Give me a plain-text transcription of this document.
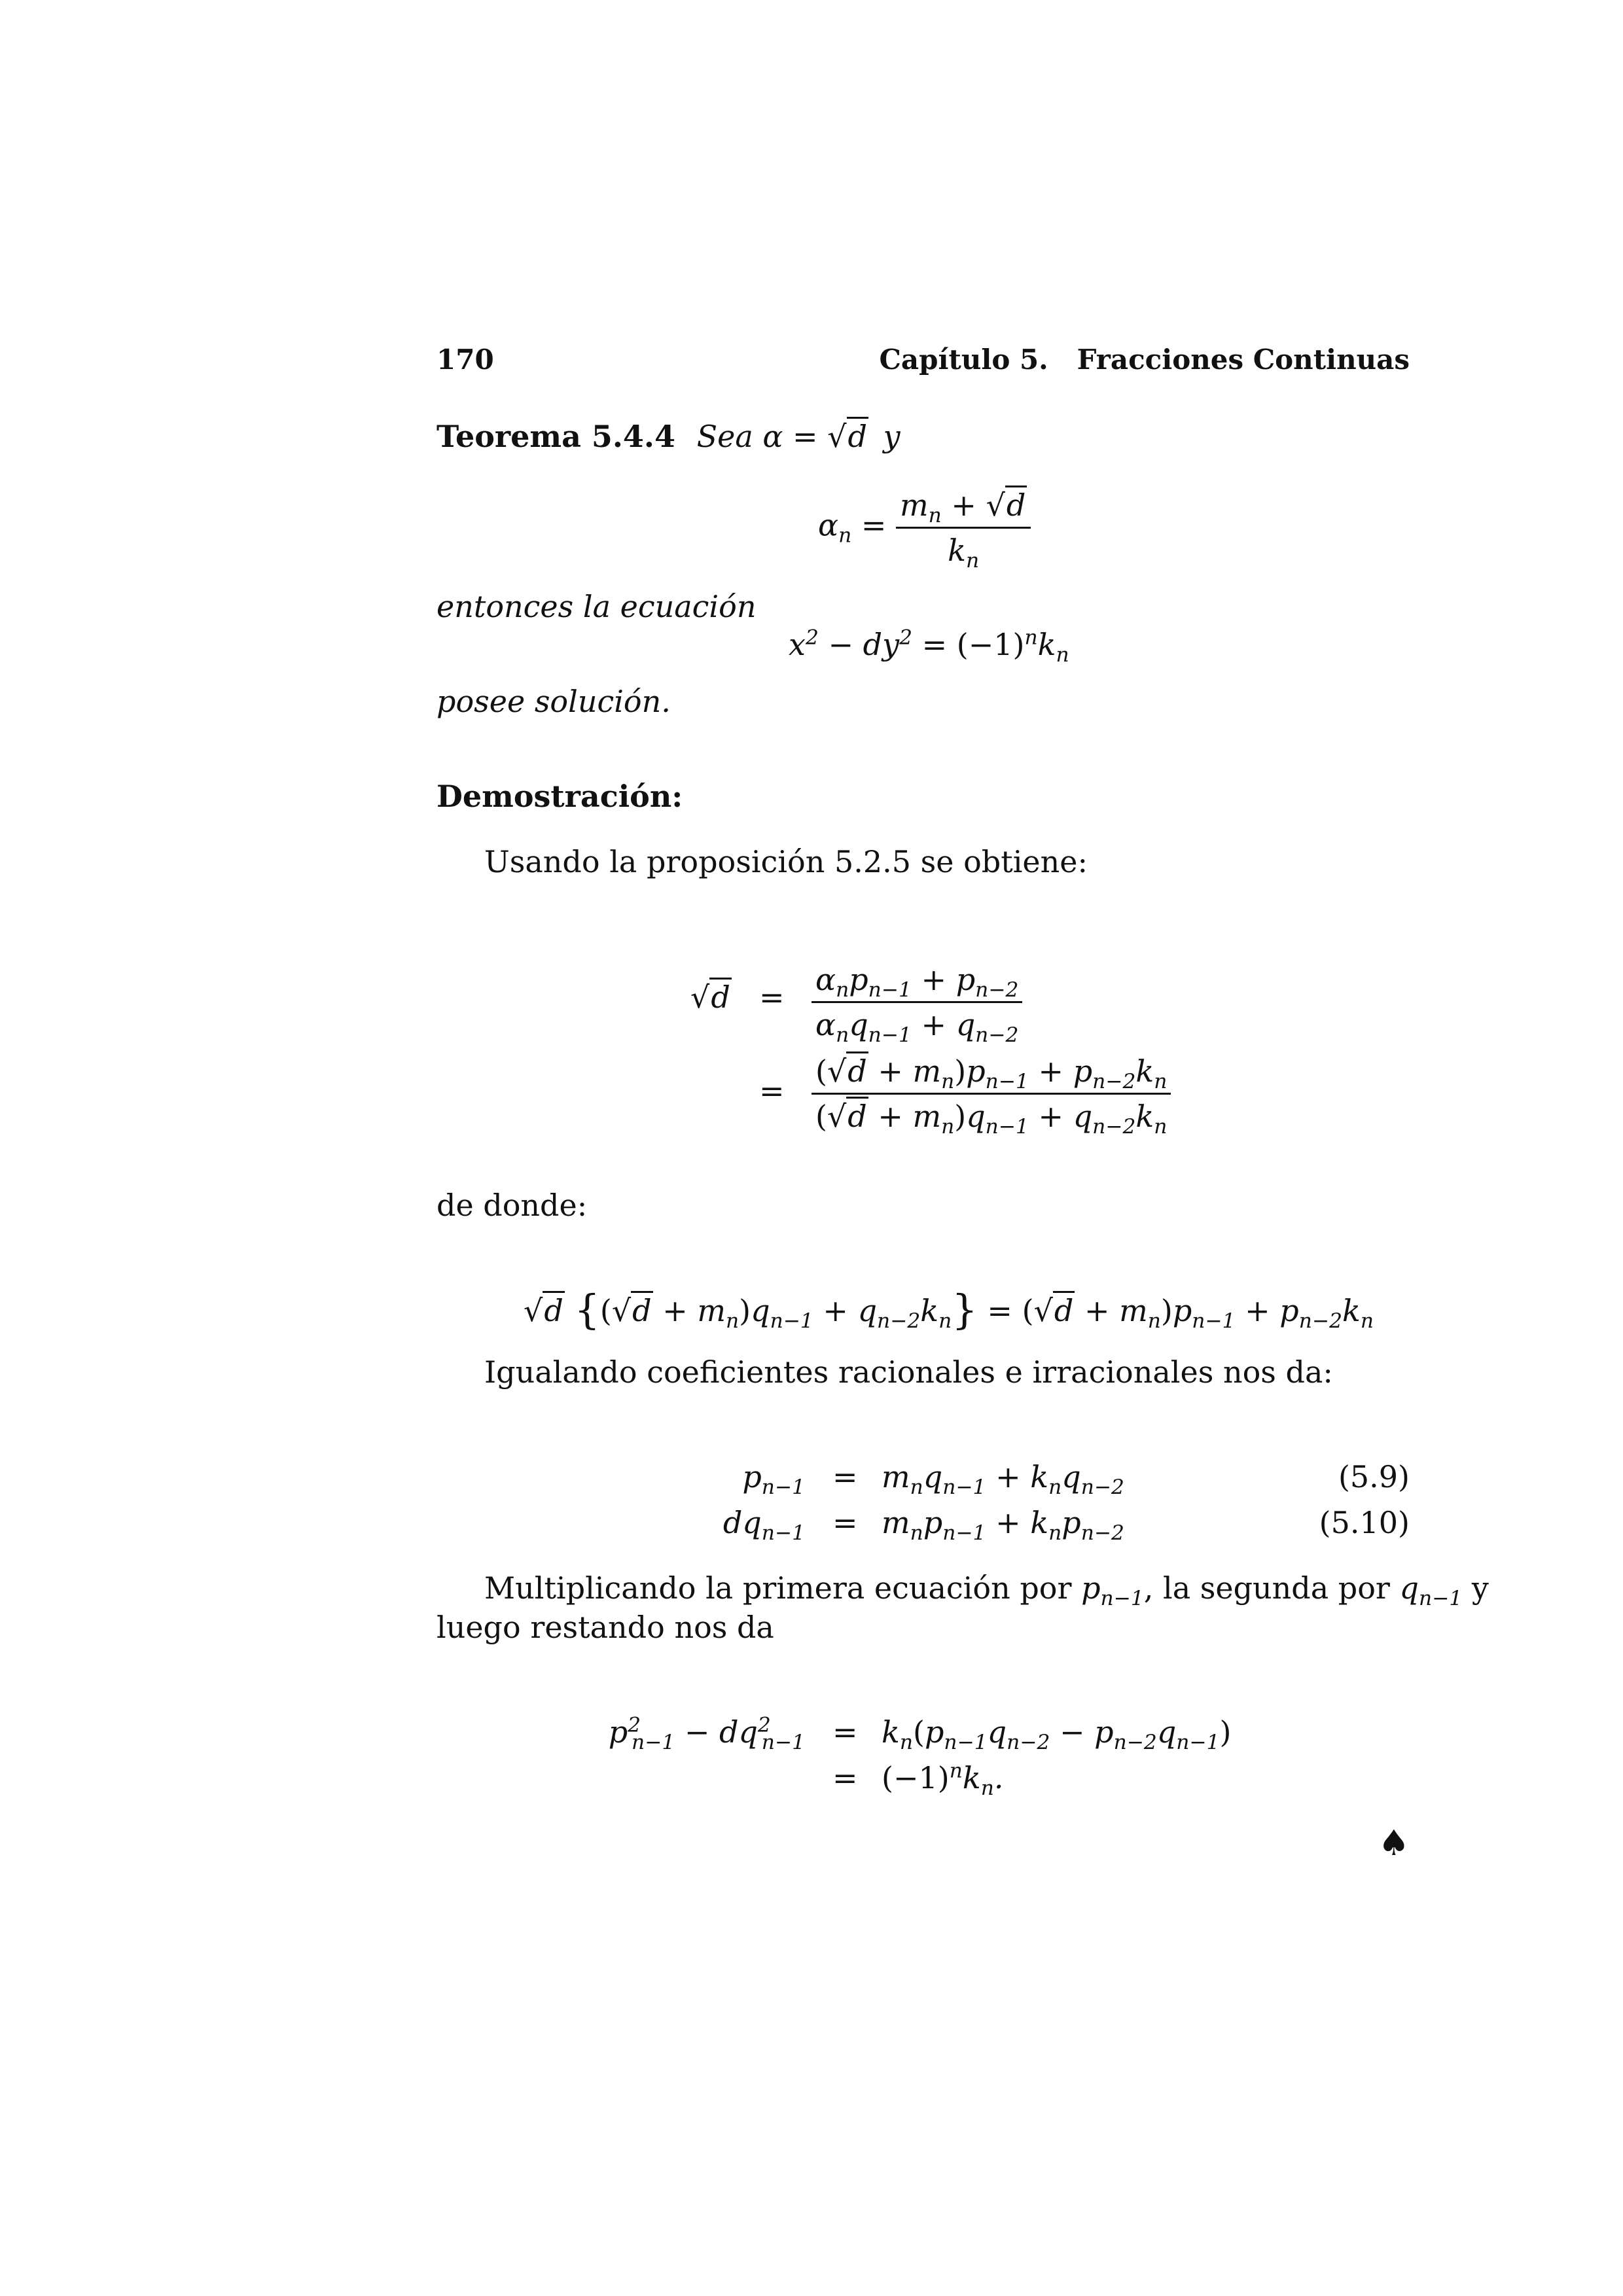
170	Capítulo 5.   Fracciones Continuas
Teorema 5.4.4 Sea α = √d y
$\alpha_n = \frac{m_n + √d}{k_n}$
entonces la ecuación
$x^2 - dy^2 = (-1)^nk_n$
posee solución.
Demostración:
Usando la proposición 5.2.5 se obtiene:
$√d = \frac{\alpha_np_{n-1} + p_{n-2}}{\alpha_nq_{n-1} + q_{n-2}}$
= $\frac{(√d + m_n)p_{n-1} + p_{n-2}k_n}{(√d + m_n)q_{n-1} + q_{n-2}k_n}$
de donde:
√d $\{(√d + m_n)q_{n-1} + q_{n-2}k_n\} = (√d + m_n)p_{n-1} + p_{n-2}k_n$
Igualando coeficientes racionales e irracionales nos da:
$p_{n-1} = m_nq_{n-1} + k_nq_{n-2}$	(5.9)
$dq_{n-1} = m_np_{n-1} + k_np_{n-2}$	(5.10)
Multiplicando la primera ecuación por $p_{n-1}$, la segunda por $q_{n-1}$ y
luego restando nos da
$p^2_{n-1} - dq^2_{n-1} = k_n(p_{n-1}q_{n-2} - p_{n-2}q_{n-1})$
= $(-1)^nk_n$.
♠
